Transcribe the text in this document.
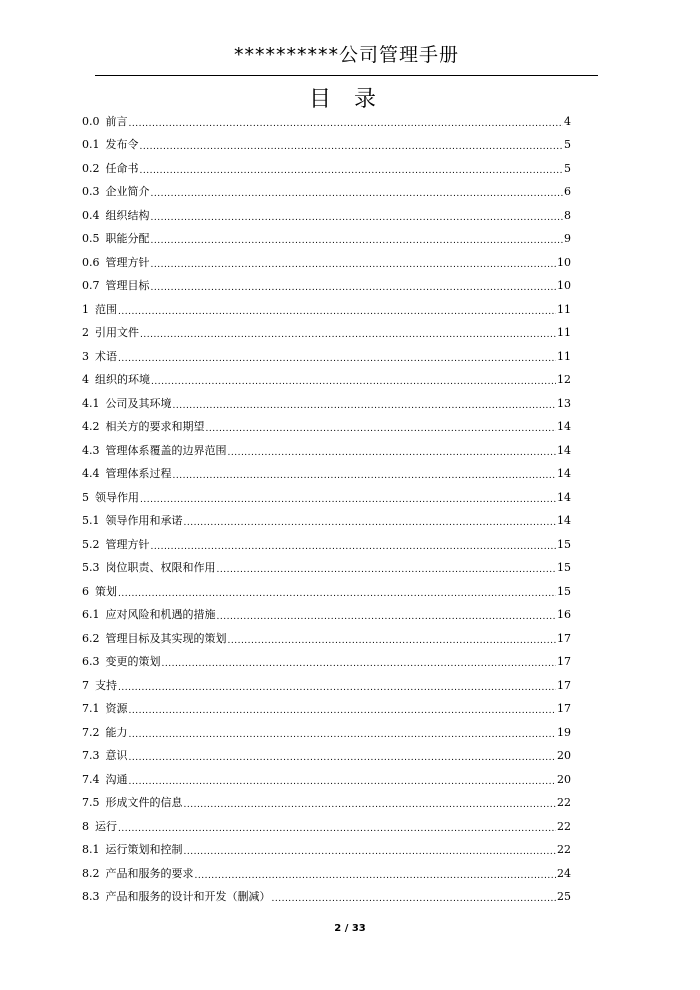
**********公司管理手册
目 录
0.0 前言 .....	4
0.1 发布令 .....	5
0.2 任命书 .....	5
0.3 企业简介 .....	6
0.4 组织结构 .....	8
0.5 职能分配 .....	9
0.6 管理方针 .....	10
0.7 管理目标 .....	10
1 范围 .....	11
2 引用文件 .....	11
3 术语 .....	11
4 组织的环境 .....	12
4.1 公司及其环境 .....	13
4.2 相关方的要求和期望 .....	14
4.3 管理体系覆盖的边界范围 .....	14
4.4 管理体系过程 .....	14
5 领导作用 .....	14
5.1 领导作用和承诺 .....	14
5.2 管理方针 .....	15
5.3 岗位职责、权限和作用 .....	15
6 策划 .....	15
6.1 应对风险和机遇的措施 .....	16
6.2 管理目标及其实现的策划 .....	17
6.3 变更的策划 .....	17
7 支持 .....	17
7.1 资源 .....	17
7.2 能力 .....	19
7.3 意识 .....	20
7.4 沟通 .....	20
7.5 形成文件的信息 .....	22
8 运行 .....	22
8.1 运行策划和控制 .....	22
8.2 产品和服务的要求 .....	24
8.3 产品和服务的设计和开发（删减） .....	25
2 / 33
